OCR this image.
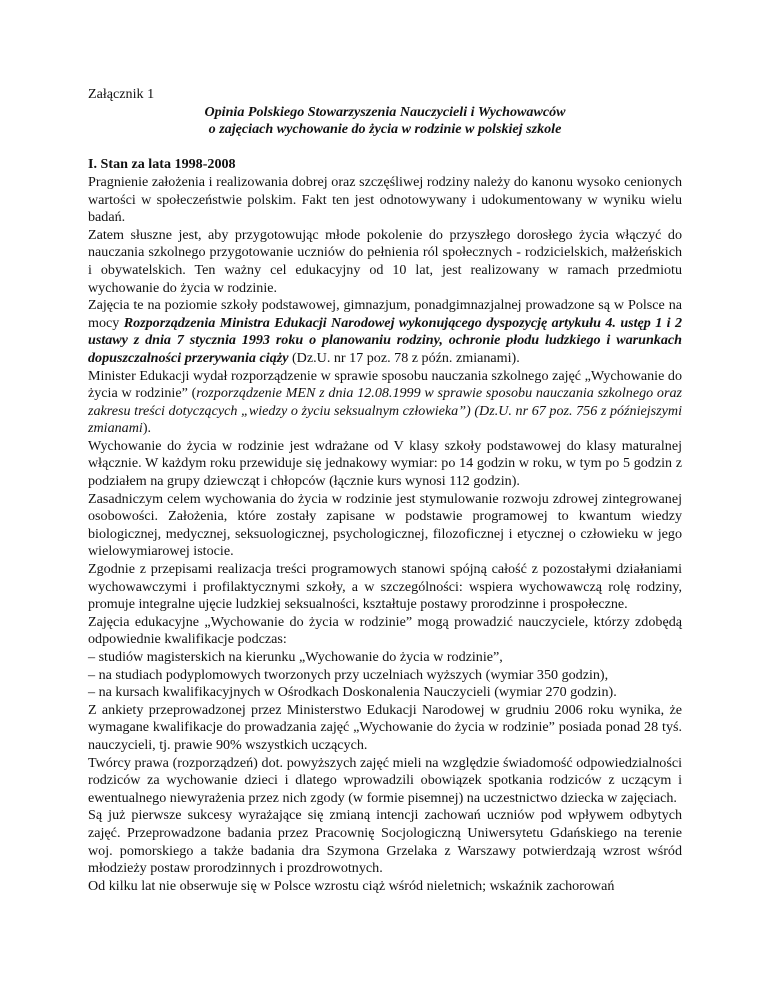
Załącznik 1

Opinia Polskiego Stowarzyszenia Nauczycieli i Wychowawców
o zajęciach wychowanie do życia w rodzinie w polskiej szkole

I. Stan za lata 1998-2008

Pragnienie założenia i realizowania dobrej oraz szczęśliwej rodziny należy do kanonu wysoko cenionych wartości w społeczeństwie polskim. Fakt ten jest odnotowywany i udokumentowany w wyniku wielu badań.

Zatem słuszne jest, aby przygotowując młode pokolenie do przyszłego dorosłego życia włączyć do nauczania szkolnego przygotowanie uczniów do pełnienia ról społecznych - rodzicielskich, małżeńskich i obywatelskich. Ten ważny cel edukacyjny od 10 lat, jest realizowany w ramach przedmiotu wychowanie do życia w rodzinie.

Zajęcia te na poziomie szkoły podstawowej, gimnazjum, ponadgimnazjalnej prowadzone są w Polsce na mocy Rozporządzenia Ministra Edukacji Narodowej wykonującego dyspozycję artykułu 4. ustęp 1 i 2 ustawy z dnia 7 stycznia 1993 roku o planowaniu rodziny, ochronie płodu ludzkiego i warunkach dopuszczalności przerywania ciąży (Dz.U. nr 17 poz. 78 z późn. zmianami).

Minister Edukacji wydał rozporządzenie w sprawie sposobu nauczania szkolnego zajęć „Wychowanie do życia w rodzinie” (rozporządzenie MEN z dnia 12.08.1999 w sprawie sposobu nauczania szkolnego oraz zakresu treści dotyczących „wiedzy o życiu seksualnym człowieka”) (Dz.U. nr 67 poz. 756 z późniejszymi zmianami).

Wychowanie do życia w rodzinie jest wdrażane od V klasy szkoły podstawowej do klasy maturalnej włącznie. W każdym roku przewiduje się jednakowy wymiar: po 14 godzin w roku, w tym po 5 godzin z podziałem na grupy dziewcząt i chłopców (łącznie kurs wynosi 112 godzin).

Zasadniczym celem wychowania do życia w rodzinie jest stymulowanie rozwoju zdrowej zintegrowanej osobowości. Założenia, które zostały zapisane w podstawie programowej to kwantum wiedzy biologicznej, medycznej, seksuologicznej, psychologicznej, filozoficznej i etycznej o człowieku w jego wielowymiarowej istocie.

Zgodnie z przepisami realizacja treści programowych stanowi spójną całość z pozostałymi działaniami wychowawczymi i profilaktycznymi szkoły, a w szczególności: wspiera wychowawczą rolę rodziny, promuje integralne ujęcie ludzkiej seksualności, kształtuje postawy prorodzinne i prospołeczne.

Zajęcia edukacyjne „Wychowanie do życia w rodzinie” mogą prowadzić nauczyciele, którzy zdobędą odpowiednie kwalifikacje podczas:

– studiów magisterskich na kierunku „Wychowanie do życia w rodzinie”,

– na studiach podyplomowych tworzonych przy uczelniach wyższych (wymiar 350 godzin),

– na kursach kwalifikacyjnych w Ośrodkach Doskonalenia Nauczycieli (wymiar 270 godzin).

Z ankiety przeprowadzonej przez Ministerstwo Edukacji Narodowej w grudniu 2006 roku wynika, że wymagane kwalifikacje do prowadzania zajęć „Wychowanie do życia w rodzinie” posiada ponad 28 tyś. nauczycieli, tj. prawie 90% wszystkich uczących.

Twórcy prawa (rozporządzeń) dot. powyższych zajęć mieli na względzie świadomość odpowiedzialności rodziców za wychowanie dzieci i dlatego wprowadzili obowiązek spotkania rodziców z uczącym i ewentualnego niewyrażenia przez nich zgody (w formie pisemnej) na uczestnictwo dziecka w zajęciach.

Są już pierwsze sukcesy wyrażające się zmianą intencji zachowań uczniów pod wpływem odbytych zajęć. Przeprowadzone badania przez Pracownię Socjologiczną Uniwersytetu Gdańskiego na terenie woj. pomorskiego a także badania dra Szymona Grzelaka z Warszawy potwierdzają wzrost wśród młodzieży postaw prorodzinnych i prozdrowotnych.

Od kilku lat nie obserwuje się w Polsce wzrostu ciąż wśród nieletnich; wskaźnik zachorowań
